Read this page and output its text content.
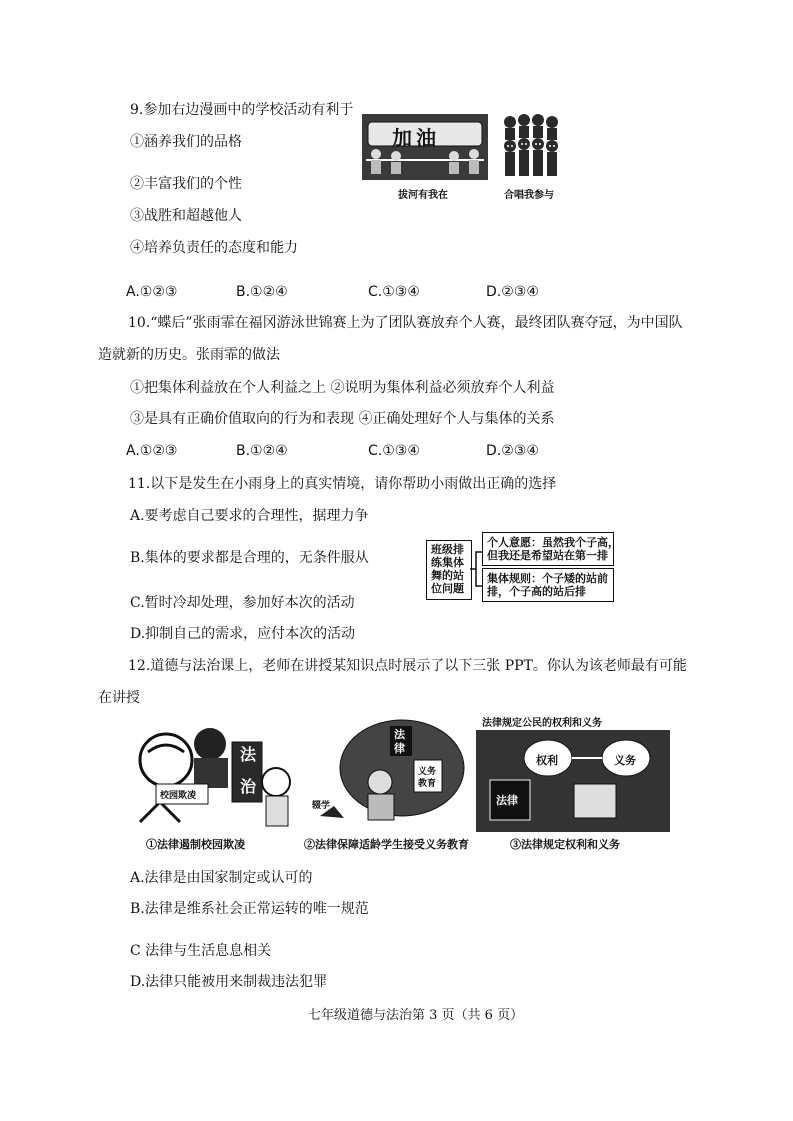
9.参加右边漫画中的学校活动有利于
①涵养我们的品格
②丰富我们的个性
③战胜和超越他人
④培养负责任的态度和能力
加油
拔河有我在	合唱我参与
A.①②③	B.①②④	C.①③④	D.②③④
10.“蝶后”张雨霏在福冈游泳世锦赛上为了团队赛放弃个人赛，最终团队赛夺冠，为中国队
造就新的历史。张雨霏的做法
①把集体利益放在个人利益之上 ②说明为集体利益必须放弃个人利益
③是具有正确价值取向的行为和表现 ④正确处理好个人与集体的关系
A.①②③	B.①②④	C.①③④	D.②③④
11.以下是发生在小雨身上的真实情境，请你帮助小雨做出正确的选择
A.要考虑自己要求的合理性，据理力争
B.集体的要求都是合理的，无条件服从
C.暂时冷却处理，参加好本次的活动
D.抑制自己的需求，应付本次的活动
班级排
练集体
舞的站
位问题
个人意愿：虽然我个子高，
但我还是希望站在第一排
集体规则：个子矮的站前
排，个子高的站后排
12.道德与法治课上，老师在讲授某知识点时展示了以下三张 PPT。你认为该老师最有可能
在讲授
法
治
校园欺凌
①法律遏制校园欺凌
法
律
义务
教育
辍学
②法律保障适龄学生接受义务教育
法律规定公民的权利和义务
权利	义务
法律
③法律规定权利和义务
A.法律是由国家制定或认可的
B.法律是维系社会正常运转的唯一规范
C 法律与生活息息相关
D.法律只能被用来制裁违法犯罪
七年级道德与法治第 3 页（共 6 页）
